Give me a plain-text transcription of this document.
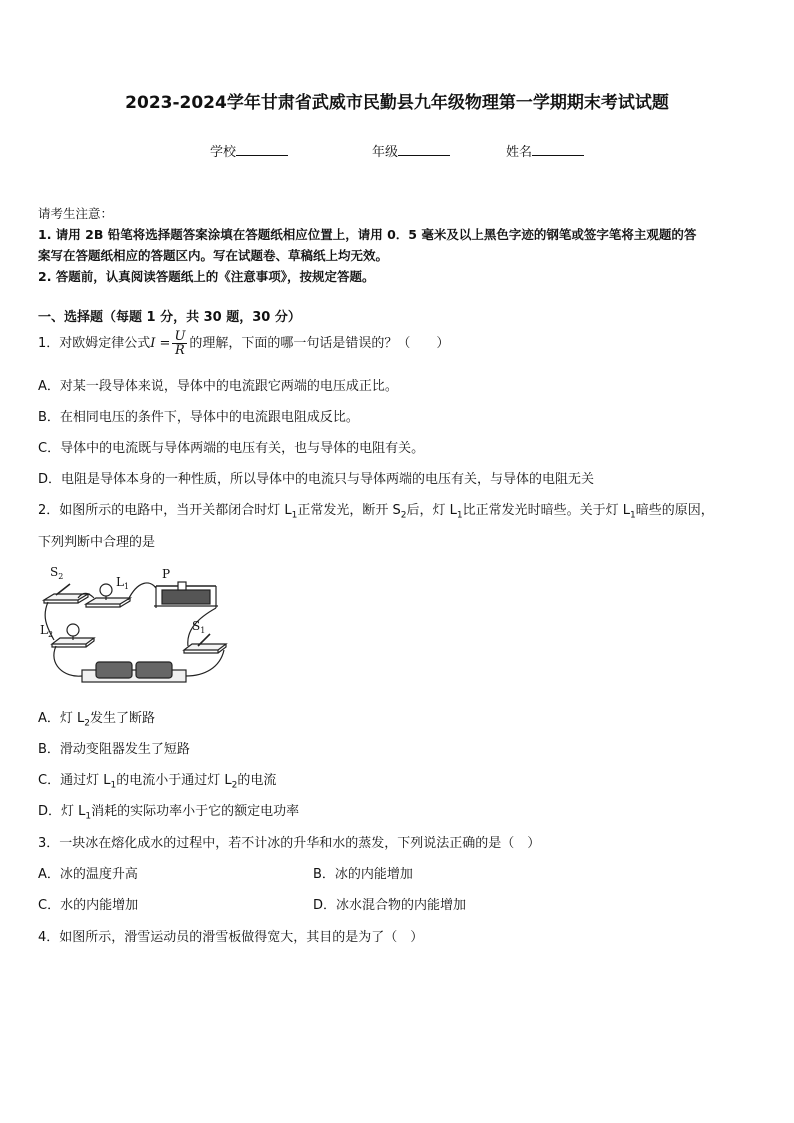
2023-2024学年甘肃省武威市民勤县九年级物理第一学期期末考试试题
学校	年级	姓名
请考生注意：
1. 请用 2B 铅笔将选择题答案涂填在答题纸相应位置上，请用 0．5 毫米及以上黑色字迹的钢笔或签字笔将主观题的答
案写在答题纸相应的答题区内。写在试题卷、草稿纸上均无效。
2. 答题前，认真阅读答题纸上的《注意事项》，按规定答题。
一、选择题（每题 1 分，共 30 题，30 分）
1．对欧姆定律公式$I = \frac{U}{R}$ 的理解，下面的哪一句话是错误的？（　　）
A．对某一段导体来说，导体中的电流跟它两端的电压成正比。
B．在相同电压的条件下，导体中的电流跟电阻成反比。
C．导体中的电流既与导体两端的电压有关，也与导体的电阻有关。
D．电阻是导体本身的一种性质，所以导体中的电流只与导体两端的电压有关，与导体的电阻无关
2．如图所示的电路中，当开关都闭合时灯 $L_1$正常发光，断开 $S_2$后，灯 $L_1$比正常发光时暗些。关于灯 $L_1$暗些的原因，
下列判断中合理的是
$S_2$	$L_1$
P
$L_2$
$S_1$
A．灯 $L_2$发生了断路
B．滑动变阻器发生了短路
C．通过灯 $L_1$的电流小于通过灯 $L_2$的电流
D．灯 $L_1$消耗的实际功率小于它的额定电功率
3．一块冰在熔化成水的过程中，若不计冰的升华和水的蒸发，下列说法正确的是（　）
A．冰的温度升高	B．冰的内能增加
C．水的内能增加	D．冰水混合物的内能增加
4．如图所示，滑雪运动员的滑雪板做得宽大，其目的是为了（　）
